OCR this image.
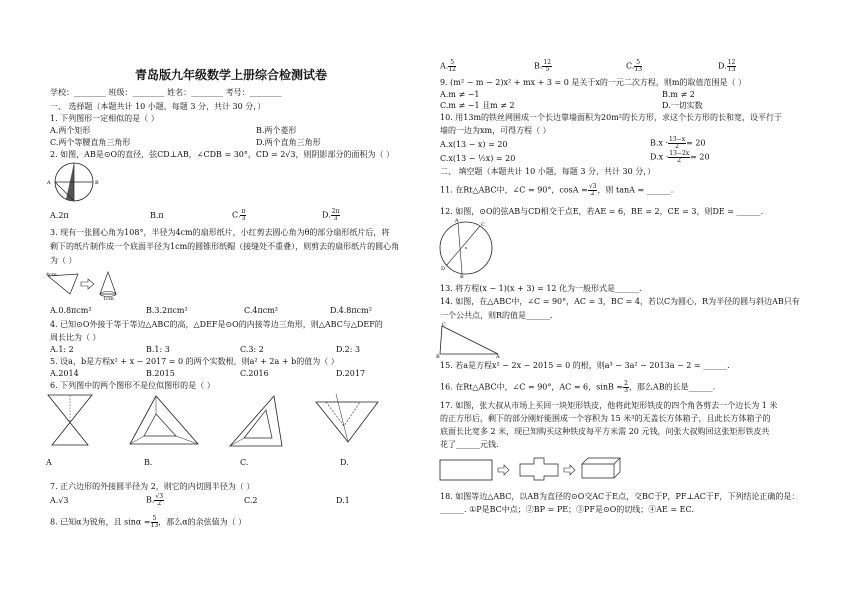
青岛版九年级数学上册综合检测试卷
学校：________ 班级：________ 姓名：________ 考号：________
一、 选择题（本题共计 10 小题，每题 3 分，共计 30 分，）
1. 下列图形一定相似的是（ ）
A.两个矩形	B.两个菱形
C.两个等腰直角三角形	D.两个直角三角形
2. 如图，AB是⊙O的直径，弦CD⊥AB，∠CDB = 30°，CD = 2√3，则阴影部分的面积为（ ）
A	B
A.2π	B.π	C. $\frac{\pi}{3}$	D. $\frac{2\pi}{3}$
3. 现有一张圆心角为108°，半径为4cm的扇形纸片，小红剪去圆心角为θ的部分扇形纸片后，将
剩下的纸片制作成一个底面半径为1cm的圆锥形纸帽（接缝处不重叠），则剪去的扇形纸片的圆心角
为（ ）
4cm
1cm
A.0.8πcm²	B.3.2πcm²	C.4πcm²	D.4.8πcm²
4. 已知⊙O外接于等于等边△ABC的高，△DEF是⊙O的内接等边三角形，则△ABC与△DEF的
周长比为（ ）
A.1: 2	B.1: 3	C.3: 2	D.2: 3
5. 设a，b是方程x² + x − 2017 = 0 的两个实数根，则a² + 2a + b的值为（ ）
A.2014	B.2015	C.2016	D.2017
6. 下列图中的两个图形不是位似图形的是（ ）
A	B.	C.	D.
7. 正六边形的外接圆半径为 2，则它的内切圆半径为（ ）
A.√3	B. $\frac{√3}{2}$	C.2	D.1
8. 已知α为锐角，且 $\sin\alpha = \frac{5}{13}$ ，那么α的余弦值为（ ）
A. $\frac{5}{12}$	B. $\frac{12}{5}$	C. $\frac{5}{13}$	D. $\frac{12}{13}$
9. (m² − m − 2)x² + mx + 3 = 0 是关于x的一元二次方程，则m的取值范围是（ ）
A.m ≠ −1	B.m ≠ 2
C.m ≠ −1 且m ≠ 2	D.一切实数
10. 用13m的铁丝网围成一个长边靠墙面积为20m²的长方形，求这个长方形的长和宽，设平行于
墙的一边为xm，可得方程（ ）
A.x(13 − x) = 20	$B.x \cdot \frac{13-x}{2} = 20$
C.x(13 − ½x) = 20	$D.x \cdot \frac{13-2x}{2} = 20$
二、 填空题（本题共计 10 小题，每题 3 分，共计 30 分，）
11. 在Rt△ABC中，∠C = 90°，$\cos A = \frac{√3}{2}$ ，则 tanA = ______.
12. 如图，⊙O的弦AB与CD相交于点E，若AE = 6，BE = 2，CE = 3，则DE = ______.
A
B
C
D
13. 将方程(x − 1)(x + 3) = 12 化为一般形式是______.
14. 如图，在△ABC中，∠C = 90°，AC = 3，BC = 4，若以C为圆心，R为半径的圆与斜边AB只有
一个公共点，则R的值是______.
C
B	A
15. 若a是方程x² − 2x − 2015 = 0 的根，则a³ − 3a² − 2013a − 2 = ______.
16. 在Rt△ABC中，∠C = 90°，AC = 6，$\sin B = \frac{2}{3}$ ，那么AB的长是______.
17. 如图，张大叔从市场上买回一块矩形铁皮，他将此矩形铁皮的四个角各剪去一个边长为 1 米
的正方形后，剩下的部分刚好能围成一个容积为 15 米³的无盖长方体箱子，且此长方体箱子的
底面长比宽多 2 米，现已知购买这种铁皮每平方米需 20 元钱，问张大叔购回这张矩形铁皮共
花了______元钱.
18. 如图等边△ABC，以AB为直径的⊙O交AC于E点，交BC于P，PF⊥AC于F，下列结论正确的是：
______. ①P是BC中点；②BP = PE；③PF是⊙O的切线；④AE = EC.
